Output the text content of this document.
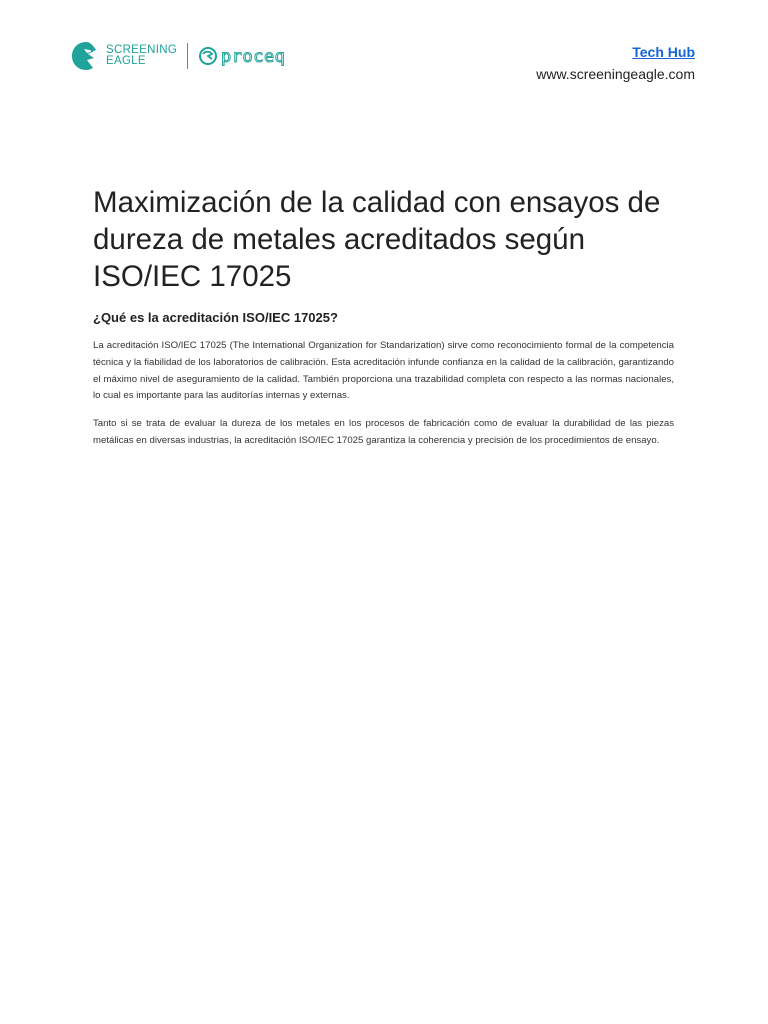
SCREENING
EAGLE	proceq	Tech Hub
www.screeningeagle.com
Maximización de la calidad con ensayos de dureza de metales acreditados según ISO/IEC 17025
¿Qué es la acreditación ISO/IEC 17025?

La acreditación ISO/IEC 17025 (The International Organization for Standarization) sirve como reconocimiento formal de la competencia técnica y la fiabilidad de los laboratorios de calibración. Esta acreditación infunde confianza en la calidad de la calibración, garantizando el máximo nivel de aseguramiento de la calidad. También proporciona una trazabilidad completa con respecto a las normas nacionales, lo cual es importante para las auditorías internas y externas.

Tanto si se trata de evaluar la dureza de los metales en los procesos de fabricación como de evaluar la durabilidad de las piezas metálicas en diversas industrias, la acreditación ISO/IEC 17025 garantiza la coherencia y precisión de los procedimientos de ensayo.
